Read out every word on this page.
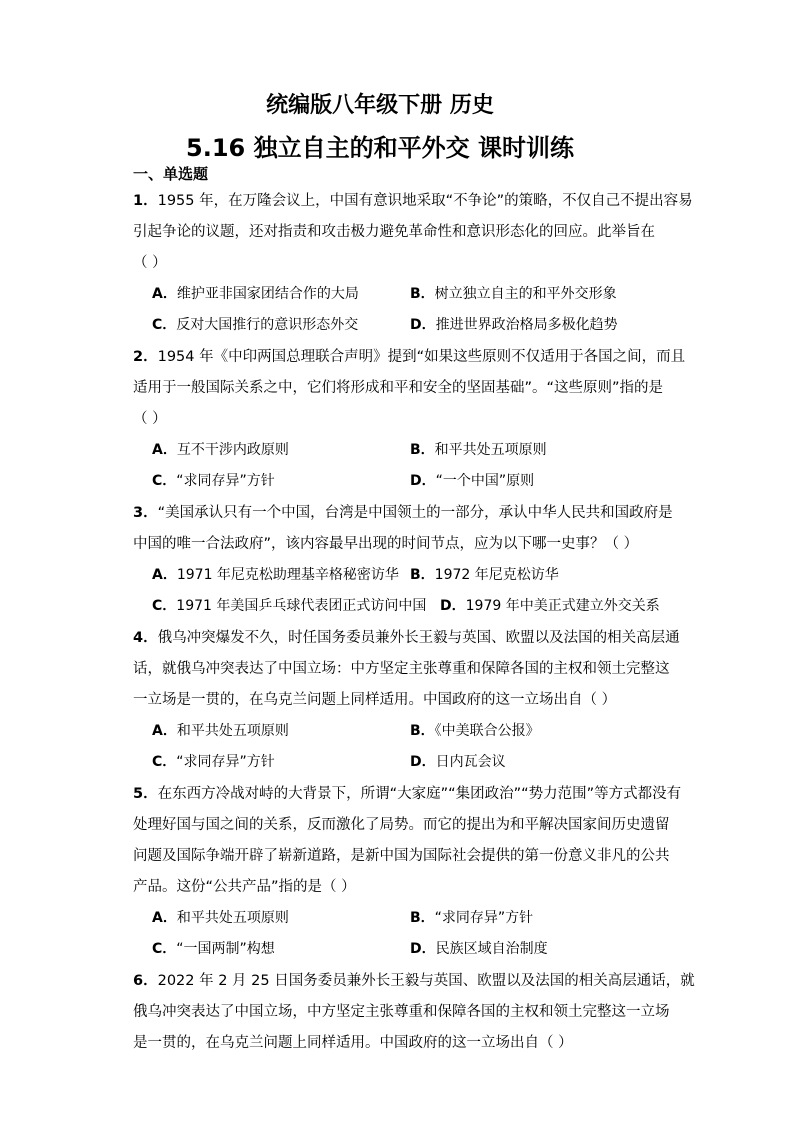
统编版八年级下册 历史
5.16 独立自主的和平外交 课时训练
一、单选题
1．1955 年，在万隆会议上，中国有意识地采取“不争论”的策略，不仅自己不提出容易
引起争论的议题，还对指责和攻击极力避免革命性和意识形态化的回应。此举旨在
（ ）
A．维护亚非国家团结合作的大局	B．树立独立自主的和平外交形象
C．反对大国推行的意识形态外交	D．推进世界政治格局多极化趋势
2．1954 年《中印两国总理联合声明》提到“如果这些原则不仅适用于各国之间，而且
适用于一般国际关系之中，它们将形成和平和安全的坚固基础”。“这些原则”指的是
（ ）
A．互不干涉内政原则	B．和平共处五项原则
C．“求同存异”方针	D．“一个中国”原则
3．“美国承认只有一个中国，台湾是中国领土的一部分，承认中华人民共和国政府是
中国的唯一合法政府”，该内容最早出现的时间节点，应为以下哪一史事？（ ）
A．1971 年尼克松助理基辛格秘密访华 B．1972 年尼克松访华
C．1971 年美国乒乓球代表团正式访问中国 D．1979 年中美正式建立外交关系
4．俄乌冲突爆发不久，时任国务委员兼外长王毅与英国、欧盟以及法国的相关高层通
话，就俄乌冲突表达了中国立场：中方坚定主张尊重和保障各国的主权和领土完整这
一立场是一贯的，在乌克兰问题上同样适用。中国政府的这一立场出自（ ）
A．和平共处五项原则	B．《中美联合公报》
C．“求同存异”方针	D．日内瓦会议
5．在东西方冷战对峙的大背景下，所谓“大家庭”“集团政治”“势力范围”等方式都没有
处理好国与国之间的关系，反而激化了局势。而它的提出为和平解决国家间历史遗留
问题及国际争端开辟了崭新道路，是新中国为国际社会提供的第一份意义非凡的公共
产品。这份“公共产品”指的是（ ）
A．和平共处五项原则	B．“求同存异”方针
C．“一国两制”构想	D．民族区域自治制度
6．2022 年 2 月 25 日国务委员兼外长王毅与英国、欧盟以及法国的相关高层通话，就
俄乌冲突表达了中国立场，中方坚定主张尊重和保障各国的主权和领土完整这一立场
是一贯的，在乌克兰问题上同样适用。中国政府的这一立场出自（ ）
